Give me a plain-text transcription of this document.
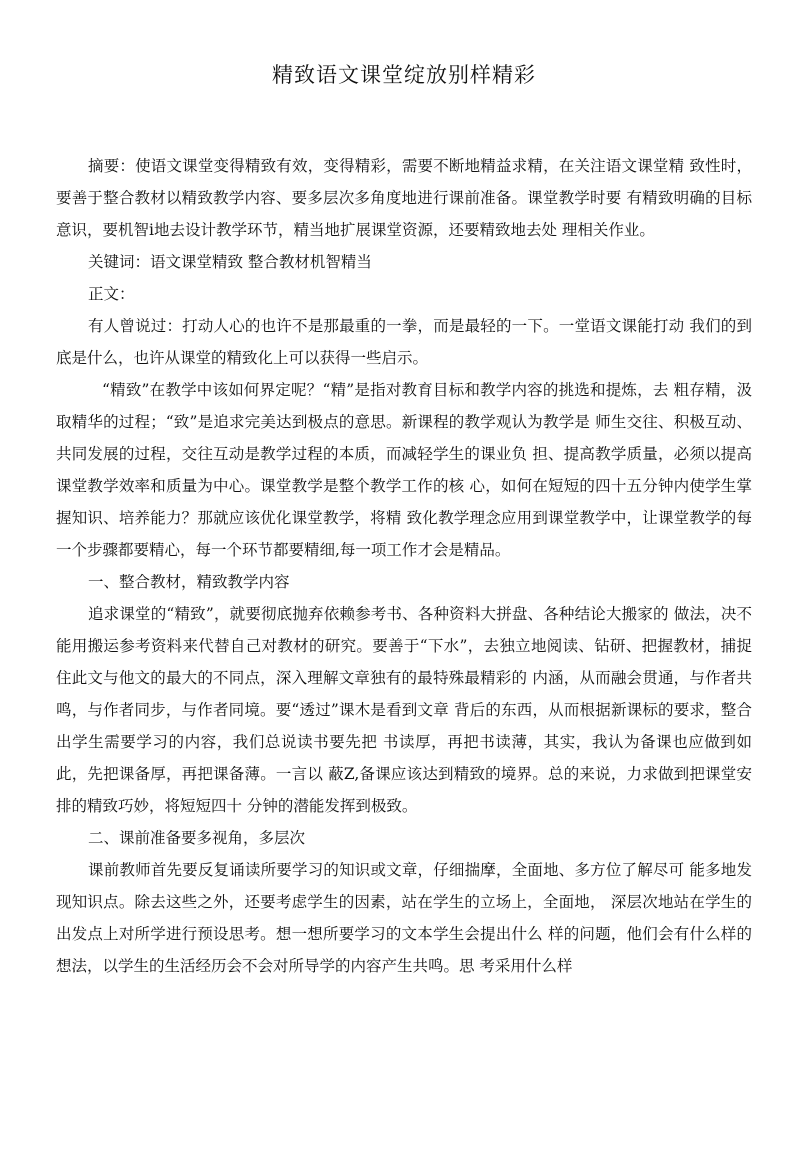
精致语文课堂绽放别样精彩

摘要：使语文课堂变得精致有效，变得精彩，需要不断地精益求精，在关注语文课堂精 致性时，要善于整合教材以精致教学内容、要多层次多角度地进行课前准备。课堂教学时要 有精致明确的目标意识，要机智ⅰ地去设计教学环节，精当地扩展课堂资源，还要精致地去处 理相关作业。

关键词：语文课堂精致 整合教材机智精当

正文：

有人曾说过：打动人心的也许不是那最重的一拳，而是最轻的一下。一堂语文课能打动 我们的到底是什么，也许从课堂的精致化上可以获得一些启示。

“精致”在教学中该如何界定呢？“精”是指对教育目标和教学内容的挑选和提炼，去 粗存精，汲取精华的过程；“致”是追求完美达到极点的意思。新课程的教学观认为教学是 师生交往、积极互动、共同发展的过程，交往互动是教学过程的本质，而减轻学生的课业负 担、提高教学质量，必须以提高课堂教学效率和质量为中心。课堂教学是整个教学工作的核 心，如何在短短的四十五分钟内使学生掌握知识、培养能力？那就应该优化课堂教学，将精 致化教学理念应用到课堂教学中，让课堂教学的每一个步骤都要精心，每一个环节都要精细,每一项工作才会是精品。

一、整合教材，精致教学内容

追求课堂的“精致”，就要彻底抛弃依赖参考书、各种资料大拼盘、各种结论大搬家的 做法，决不能用搬运参考资料来代替自己对教材的研究。要善于“下水”，去独立地阅读、钻研、把握教材，捕捉住此文与他文的最大的不同点，深入理解文章独有的最特殊最精彩的 内涵，从而融会贯通，与作者共鸣，与作者同步，与作者同境。要“透过”课木是看到文章 背后的东西，从而根据新课标的要求，整合出学生需要学习的内容，我们总说读书要先把 书读厚，再把书读薄，其实，我认为备课也应做到如此，先把课备厚，再把课备薄。一言以 蔽Z,备课应该达到精致的境界。总的来说，力求做到把课堂安排的精致巧妙，将短短四十 分钟的潜能发挥到极致。

二、课前准备要多视角，多层次

课前教师首先要反复诵读所要学习的知识或文章，仔细揣摩，全面地、多方位了解尽可 能多地发现知识点。除去这些之外，还要考虑学生的因素，站在学生的立场上，全面地， 深层次地站在学生的出发点上对所学进行预设思考。想一想所要学习的文本学生会提出什么 样的问题，他们会有什么样的想法，以学生的生活经历会不会对所导学的内容产生共鸣。思 考采用什么样
